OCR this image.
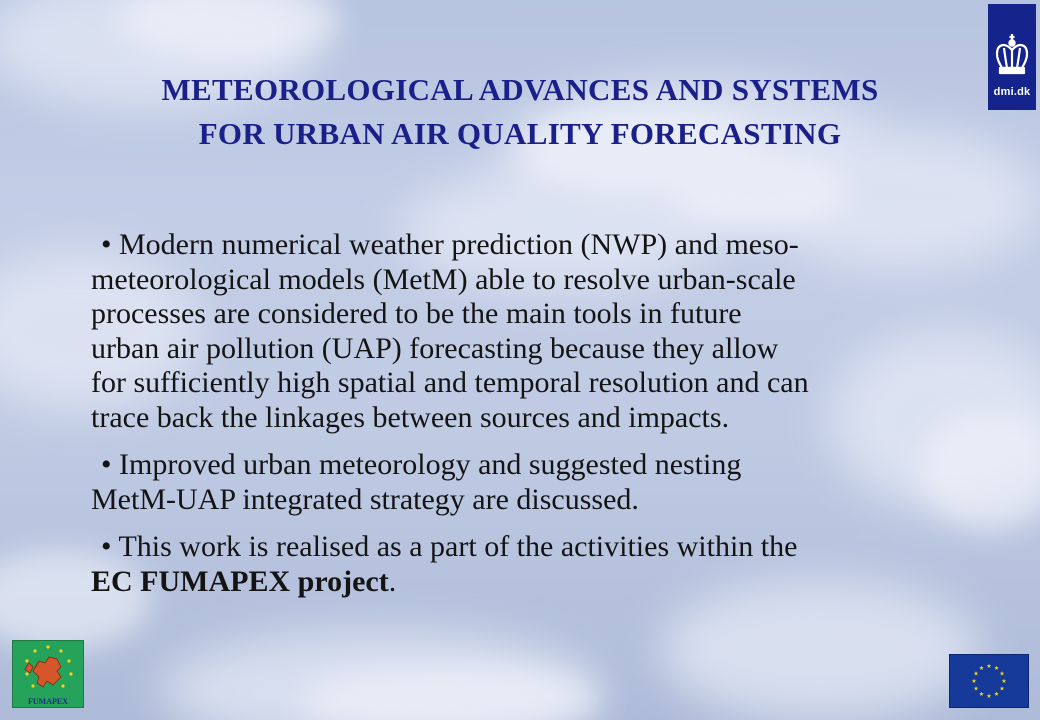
METEOROLOGICAL ADVANCES AND SYSTEMS
FOR URBAN AIR QUALITY FORECASTING
• Modern numerical weather prediction (NWP) and meso-
meteorological models (MetM) able to resolve urban-scale
processes are considered to be the main tools in future
urban air pollution (UAP) forecasting because they allow
for sufficiently high spatial and temporal resolution and can
trace back the linkages between sources and impacts.
• Improved urban meteorology and suggested nesting
MetM-UAP integrated strategy are discussed.
• This work is realised as a part of the activities within the
EC FUMAPEX project.
dmi.dk
FUMAPEX
